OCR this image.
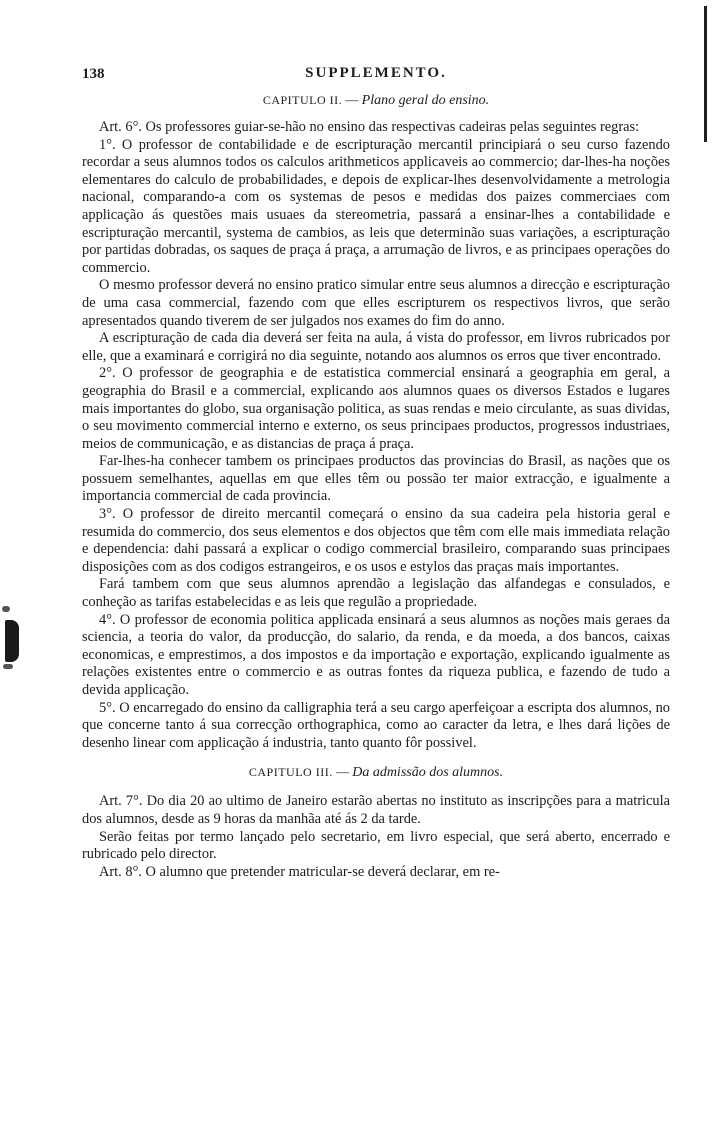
138	SUPPLEMENTO.
CAPITULO II. — Plano geral do ensino.

Art. 6°. Os professores guiar-se-hão no ensino das respectivas cadeiras pelas seguintes regras:

1°. O professor de contabilidade e de escripturação mercantil principiará o seu curso fazendo recordar a seus alumnos todos os calculos arithmeticos applicaveis ao commercio; dar-lhes-ha noções elementares do calculo de probabilidades, e depois de explicar-lhes desenvolvidamente a metrologia nacional, comparando-a com os systemas de pesos e medidas dos paizes commerciaes com applicação ás questões mais usuaes da stereometria, passará a ensinar-lhes a contabilidade e escripturação mercantil, systema de cambios, as leis que determinão suas variações, a escripturação por partidas dobradas, os saques de praça á praça, a arrumação de livros, e as principaes operações do commercio.

O mesmo professor deverá no ensino pratico simular entre seus alumnos a direcção e escripturação de uma casa commercial, fazendo com que elles escripturem os respectivos livros, que serão apresentados quando tiverem de ser julgados nos exames do fim do anno.

A escripturação de cada dia deverá ser feita na aula, á vista do professor, em livros rubricados por elle, que a examinará e corrigirá no dia seguinte, notando aos alumnos os erros que tiver encontrado.

2°. O professor de geographia e de estatistica commercial ensinará a geographia em geral, a geographia do Brasil e a commercial, explicando aos alumnos quaes os diversos Estados e lugares mais importantes do globo, sua organisação politica, as suas rendas e meio circulante, as suas dividas, o seu movimento commercial interno e externo, os seus principaes productos, progressos industriaes, meios de communicação, e as distancias de praça á praça.

Far-lhes-ha conhecer tambem os principaes productos das provincias do Brasil, as nações que os possuem semelhantes, aquellas em que elles têm ou possão ter maior extracção, e igualmente a importancia commercial de cada provincia.

3°. O professor de direito mercantil começará o ensino da sua cadeira pela historia geral e resumida do commercio, dos seus elementos e dos objectos que têm com elle mais immediata relação e dependencia: dahi passará a explicar o codigo commercial brasileiro, comparando suas principaes disposições com as dos codigos estrangeiros, e os usos e estylos das praças mais importantes.

Fará tambem com que seus alumnos aprendão a legislação das alfandegas e consulados, e conheção as tarifas estabelecidas e as leis que regulão a propriedade.

4°. O professor de economia politica applicada ensinará a seus alumnos as noções mais geraes da sciencia, a teoria do valor, da producção, do salario, da renda, e da moeda, a dos bancos, caixas economicas, e emprestimos, a dos impostos e da importação e exportação, explicando igualmente as relações existentes entre o commercio e as outras fontes da riqueza publica, e fazendo de tudo a devida applicação.

5°. O encarregado do ensino da calligraphia terá a seu cargo aperfeiçoar a escripta dos alumnos, no que concerne tanto á sua correcção orthographica, como ao caracter da letra, e lhes dará lições de desenho linear com applicação á industria, tanto quanto fôr possivel.

CAPITULO III. — Da admissão dos alumnos.

Art. 7°. Do dia 20 ao ultimo de Janeiro estarão abertas no instituto as inscripções para a matricula dos alumnos, desde as 9 horas da manhãa até ás 2 da tarde.

Serão feitas por termo lançado pelo secretario, em livro especial, que será aberto, encerrado e rubricado pelo director.

Art. 8°. O alumno que pretender matricular-se deverá declarar, em re-
